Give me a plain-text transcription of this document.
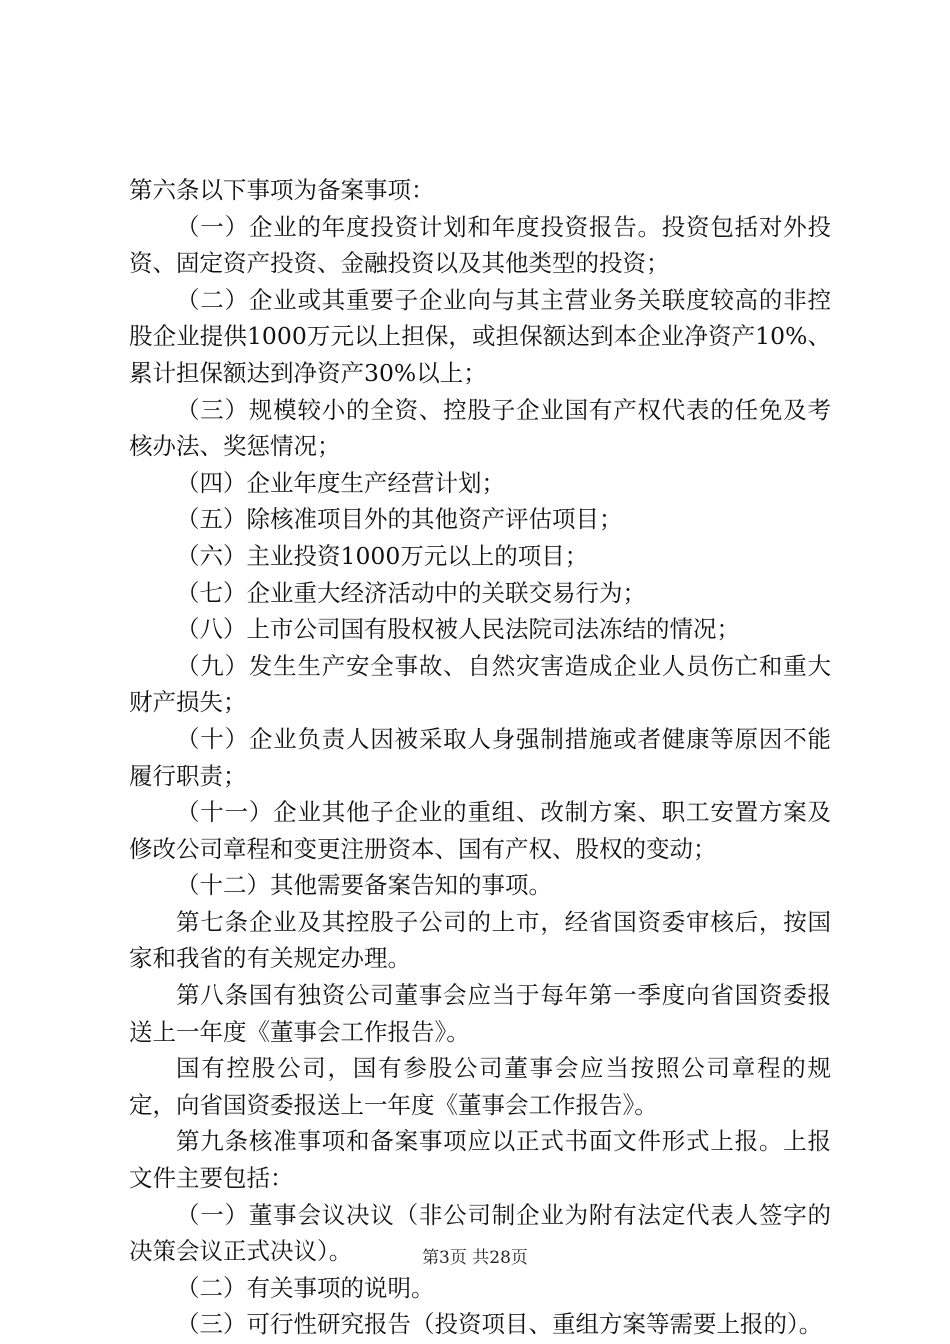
第六条以下事项为备案事项：

（一）企业的年度投资计划和年度投资报告。投资包括对外投资、固定资产投资、金融投资以及其他类型的投资；

（二）企业或其重要子企业向与其主营业务关联度较高的非控股企业提供1000万元以上担保，或担保额达到本企业净资产10%、累计担保额达到净资产30%以上；

（三）规模较小的全资、控股子企业国有产权代表的任免及考核办法、奖惩情况；

（四）企业年度生产经营计划；

（五）除核准项目外的其他资产评估项目；

（六）主业投资1000万元以上的项目；

（七）企业重大经济活动中的关联交易行为；

（八）上市公司国有股权被人民法院司法冻结的情况；

（九）发生生产安全事故、自然灾害造成企业人员伤亡和重大财产损失；

（十）企业负责人因被采取人身强制措施或者健康等原因不能履行职责；

（十一）企业其他子企业的重组、改制方案、职工安置方案及修改公司章程和变更注册资本、国有产权、股权的变动；

（十二）其他需要备案告知的事项。

第七条企业及其控股子公司的上市，经省国资委审核后，按国家和我省的有关规定办理。

第八条国有独资公司董事会应当于每年第一季度向省国资委报送上一年度《董事会工作报告》。

国有控股公司，国有参股公司董事会应当按照公司章程的规定，向省国资委报送上一年度《董事会工作报告》。

第九条核准事项和备案事项应以正式书面文件形式上报。上报文件主要包括：

（一）董事会议决议（非公司制企业为附有法定代表人签字的决策会议正式决议）。

（二）有关事项的说明。

（三）可行性研究报告（投资项目、重组方案等需要上报的）。

第3页 共28页
